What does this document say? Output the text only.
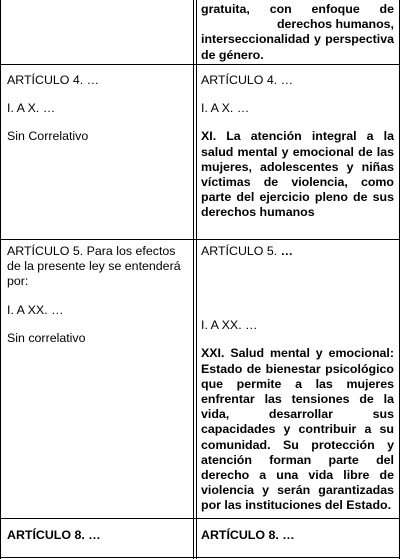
gratuita, con enfoque de

derechos humanos,

interseccionalidad y perspectiva

de género.

ARTÍCULO 4. …

I. A X. …

Sin Correlativo

ARTÍCULO 4. …

I. A X. …

XI. La atención integral a la salud mental y emocional de las mujeres, adolescentes y niñas víctimas de violencia, como parte del ejercicio pleno de sus derechos humanos

ARTÍCULO 5. Para los efectos de la presente ley se entenderá por:

I. A XX. …

Sin correlativo

ARTÍCULO 5. …

I. A XX. …

XXI. Salud mental y emocional: Estado de bienestar psicológico que permite a las mujeres enfrentar las tensiones de la vida, desarrollar sus capacidades y contribuir a su comunidad. Su protección y atención forman parte del derecho a una vida libre de violencia y serán garantizadas por las instituciones del Estado.

ARTÍCULO 8. …	ARTÍCULO 8. …
